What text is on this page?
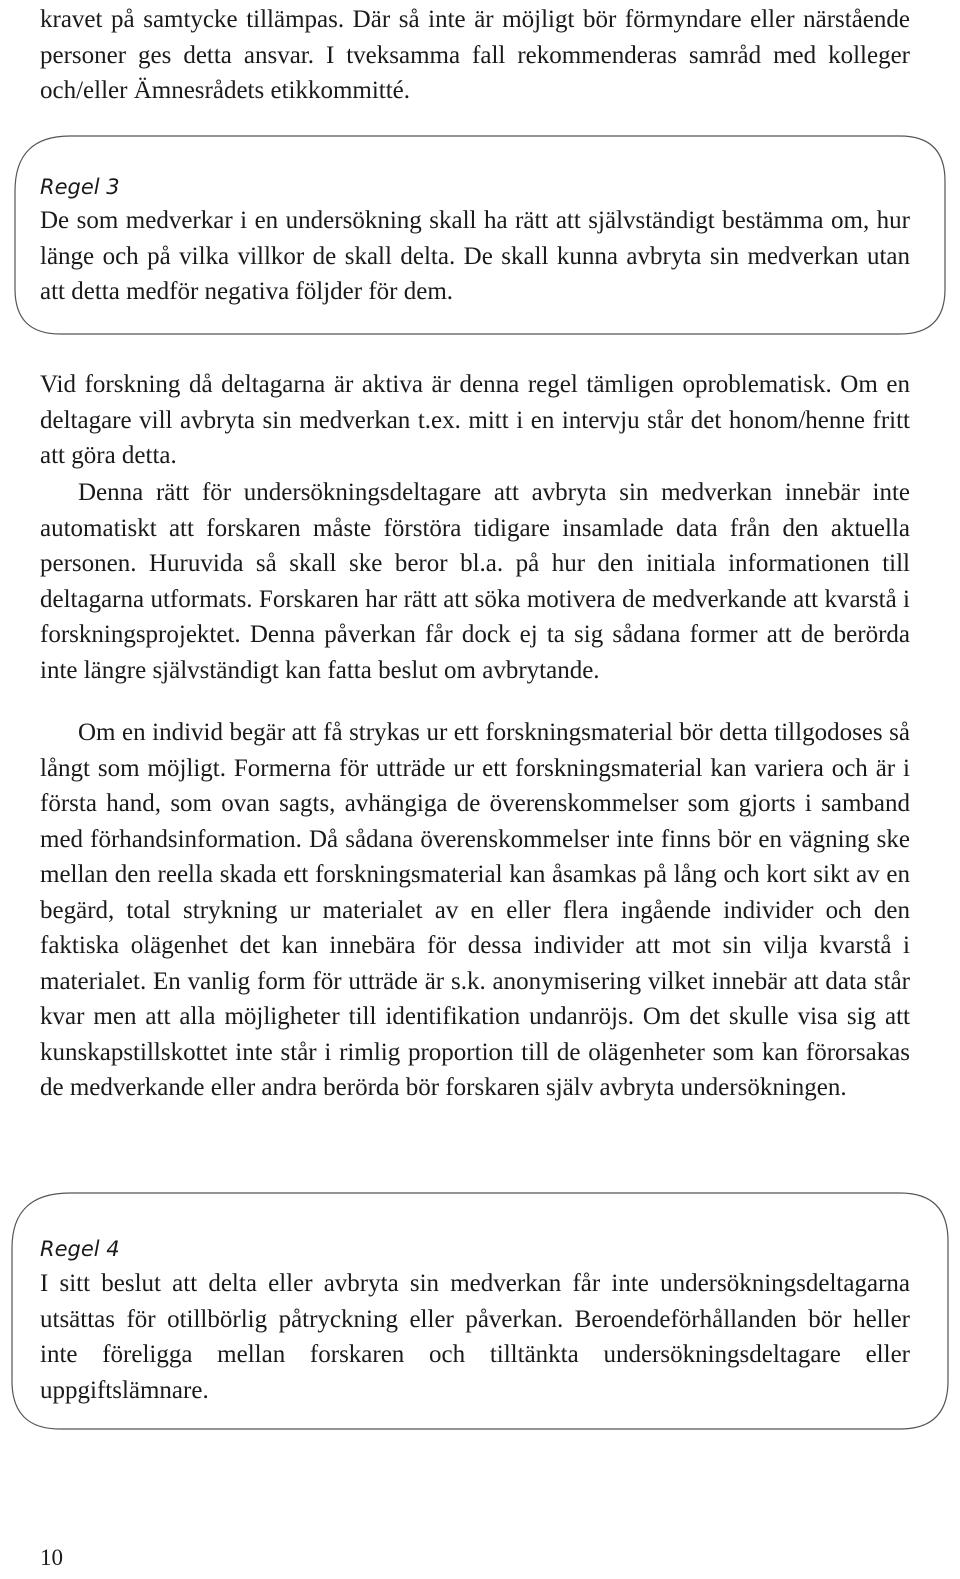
kravet på samtycke tillämpas. Där så inte är möjligt bör förmyndare eller närstående personer ges detta ansvar. I tveksamma fall rekommenderas samråd med kolleger och/eller Ämnesrådets etikkommitté.

Regel 3

De som medverkar i en undersökning skall ha rätt att självständigt bestämma om, hur länge och på vilka villkor de skall delta. De skall kunna avbryta sin medverkan utan att detta medför negativa följder för dem.

Vid forskning då deltagarna är aktiva är denna regel tämligen oproblematisk. Om en deltagare vill avbryta sin medverkan t.ex. mitt i en intervju står det honom/henne fritt att göra detta.

Denna rätt för undersökningsdeltagare att avbryta sin medverkan innebär inte automatiskt att forskaren måste förstöra tidigare insamlade data från den aktuella personen. Huruvida så skall ske beror bl.a. på hur den initiala informationen till deltagarna utformats. Forskaren har rätt att söka motivera de medverkande att kvarstå i forskningsprojektet. Denna påverkan får dock ej ta sig sådana former att de berörda inte längre självständigt kan fatta beslut om avbrytande.

Om en individ begär att få strykas ur ett forskningsmaterial bör detta tillgodoses så långt som möjligt. Formerna för utträde ur ett forskningsmaterial kan variera och är i första hand, som ovan sagts, avhängiga de överenskommelser som gjorts i samband med förhandsinformation. Då sådana överenskommelser inte finns bör en vägning ske mellan den reella skada ett forskningsmaterial kan åsamkas på lång och kort sikt av en begärd, total strykning ur materialet av en eller flera ingående individer och den faktiska olägenhet det kan innebära för dessa individer att mot sin vilja kvarstå i materialet. En vanlig form för utträde är s.k. anonymisering vilket innebär att data står kvar men att alla möjligheter till identifikation undanröjs. Om det skulle visa sig att kunskapstillskottet inte står i rimlig proportion till de olägenheter som kan förorsakas de medverkande eller andra berörda bör forskaren själv avbryta undersökningen.

Regel 4

I sitt beslut att delta eller avbryta sin medverkan får inte undersökningsdeltagarna utsättas för otillbörlig påtryckning eller påverkan. Beroendeförhållanden bör heller inte föreligga mellan forskaren och tilltänkta undersökningsdeltagare eller uppgiftslämnare.

10
